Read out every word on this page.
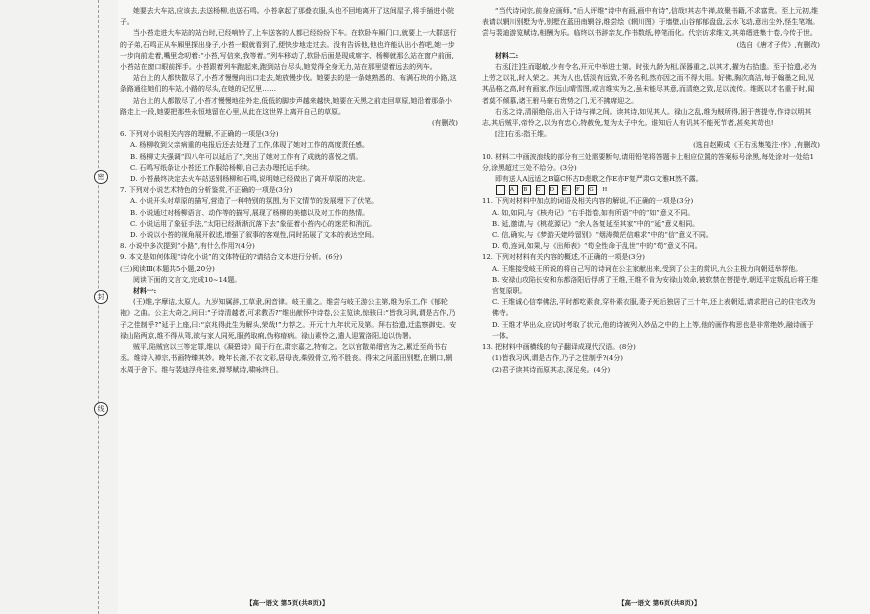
密
封
线

她要去大车站,应该去,去送杨柳,也送石鸣。小苔拿起了那叠衣服,头也不回地离开了这间屋子,将手插进小院子。

当小苔走进大车站的站台时,已经响铃了,上车送客的人都已经纷纷下车。在软卧车厢门口,就要上一大群送行的子弟,石鸣正从车厢里探出身子,小苔一眼就看到了,便快步地走过去。没有告诉他,他也许能认出小苔吧,她一步一步向前走着,嘴里念叨着:“小苔,写信来,我等着。”列车移动了,软卧后面是现成席字、杨柳就那么站在窗户前面,小苔站在窗口眼前挥手。小苔跟着列车跑起来,跑到站台尽头,她觉得全身无力,站在那里望着远去的列车。

站台上的人都快散尽了,小苔才慢慢向出口走去,她放慢步伐。她要去的是一条她熟悉的、布满石块的小路,这条路通往她们的车站,小路的尽头,在她的记忆里……

站台上的人都散尽了,小苔才慢慢地往外走,低低的脚步声越来越快,她要在天黑之前走回草原,她沿着那条小路走上一段,她要把那些永恒地留在心里,从此在这世界上离开自己的草原。

(有删改)

6. 下列对小说相关内容的理解,不正确的一项是(3分)

A. 杨柳收到父亲病重的电报后还去处理了工作,体现了她对工作的高度责任感。

B. 杨柳丈夫强调“四八年可以延后了”,突出了她对工作有了成就的喜悦之情。

C. 石鸣写纸条让小苔还工作服给杨柳,自己去办理托运手续。

D. 小苔最终决定去火车站送别杨柳和石鸣,说明她已经做出了离开草原的决定。

7. 下列对小说艺术特色的分析鉴赏,不正确的一项是(3分)

A. 小说开头对草原的描写,营造了一种特别的氛围,为下文情节的发展埋下了伏笔。

B. 小说通过对杨柳语言、动作等的描写,展现了杨柳的美德以及对工作的热情。

C. 小说运用了象征手法,“太阳已经渐渐沉落下去”象征着小苔内心的迷茫和消沉。

D. 小说以小苔的视角展开叙述,增强了叙事的客观性,同时拓展了文本的表达空间。

8. 小说中多次提到“小路”,有什么作用?(4分)

9. 本文是如何体现“诗化小说”的文体特征的?请结合文本进行分析。(6分)

(三)阅读Ⅲ(本题共5小题,20分)

阅读下面的文言文,完成10~14题。

材料一:

(王)维,字摩诘,太原人。九岁知属辞,工草隶,闲音律。岐王重之。维尝与岐王游公主第,维为乐工,作《郁轮袍》之曲。公主大奇之,问曰:“子诗清越者,可求教否?”维出献怀中诗卷,公主览读,惊骇曰:“皆我习讽,谓是古作,乃子之佳制乎?”延于上座,曰:“京兆得此生为解头,荣哉!”力荐之。开元十九年状元及第。拜右拾遗,迁监察御史。安禄山陷两京,维不得从驾,欲与家人同死,服药取痢,伪称瘖病。禄山素怜之,遣人迎置洛阳,迫以伪署。

贼平,陷贼官以三等定罪,维以《凝碧诗》闻于行在,肃宗嘉之,特宥之。乞以官散弟缙官为之,累迁至尚书右丞。维诗入禅宗,书画特臻其妙。晚年长斋,不衣文彩,居母丧,柴毁骨立,殆不胜丧。得宋之问蓝田别墅,在辋口,辋水周于舍下。维与裴迪浮舟往来,弹琴赋诗,啸咏终日。

【高一语文 第5页(共8页)】

“当代诗词宗,前身应画师。”后人评维“诗中有画,画中有诗”,信哉!其志牛禅,故聚书籍,不求富贵。至上元初,维表请以辋川别墅为寺,别墅在蓝田南辋谷,维尝绘《辋川图》于墙壁,山谷郁郁盘盘,云水飞动,意出尘外,怪生笔端。尝与裴迪游览赋诗,相酬为乐。临终以书辞亲友,作书数纸,停笔而化。代宗访求维文,其弟缙进集十卷,今传于世。

(选自《唐才子传》,有删改)

材料二:

右丞[注]生而聪敏,少有令名,开元中举进士第。时张九龄为相,深器重之,以其才,擢为右拾遗。至于拾遗,必为上劳之以礼,时人荣之。其为人也,恬淡有远致,不务名利,然亦因之而不得大用。好佛,胸次高洁,每于翰墨之间,见其品格之高,时有画家,作远山晴雪图,或言维实为之,虽未能尽其意,而清绝之致,足以流传。维既以才名重于时,闻者莫不倾慕,诸王驸马豪右贵势之门,无不拂席迎之。

右丞之诗,清丽绝俗,出入于诗与禅之间。读其诗,如见其人。禄山之乱,维为贼所得,困于菩提寺,作诗以明其志,其后贼平,帝怜之,以为有忠心,特赦免,复为太子中允。谁知后人有讥其不能死节者,甚矣其苛也!

[注]右丞:指王维。

(选自赵殿成《王右丞集笺注·序》,有删改)

10. 材料二中画波浪线的部分有三处需要断句,请用铅笔将答题卡上相应位置的答案标号涂黑,每处涂对一处给1分,涂黑超过三处不给分。(3分)

即有送人A远适之B篇C怀古D悲歌之作E亦F复严肃G文雅H然不露。

A B C D E F G H

11. 下列对材料中加点的词语及相关内容的解说,不正确的一项是(3分)

A. 如,如同,与《核舟记》“右手指卷,如有所语”中的“如”意义不同。

B. 延,邀请,与《桃花源记》“余人各复延至其家”中的“延”意义相同。

C. 信,确实,与《梦游天姥吟留别》“烟涛微茫信难求”中的“信”意义不同。

D. 苟,连词,如果,与《出师表》“苟全性命于乱世”中的“苟”意义不同。

12. 下列对材料有关内容的概述,不正确的一项是(3分)

A. 王维接受岐王所说的将自己写的诗词在公主家献出来,受到了公主的赏识,九公主极力向朝廷举荐他。

B. 安禄山攻陷长安和东都洛阳后俘虏了王维,王维不肯为安禄山效命,被软禁在菩提寺,朝廷平定叛乱后将王维官复原职。

C. 王维诚心信奉佛法,平时都吃素食,穿朴素衣服,妻子死后独居了三十年,还上表朝廷,请求把自己的住宅改为佛寺。

D. 王维才华出众,应试时考取了状元,他的诗被列入妙品之中的上上等,他的画作构思也是非常绝妙,融诗画于一体。

13. 把材料中画横线的句子翻译成现代汉语。(8分)

(1)皆我习讽,谓是古作,乃子之佳制乎?(4分)

(2)君子读其诗而原其志,深足矣。(4分)

【高一语文 第6页(共8页)】
